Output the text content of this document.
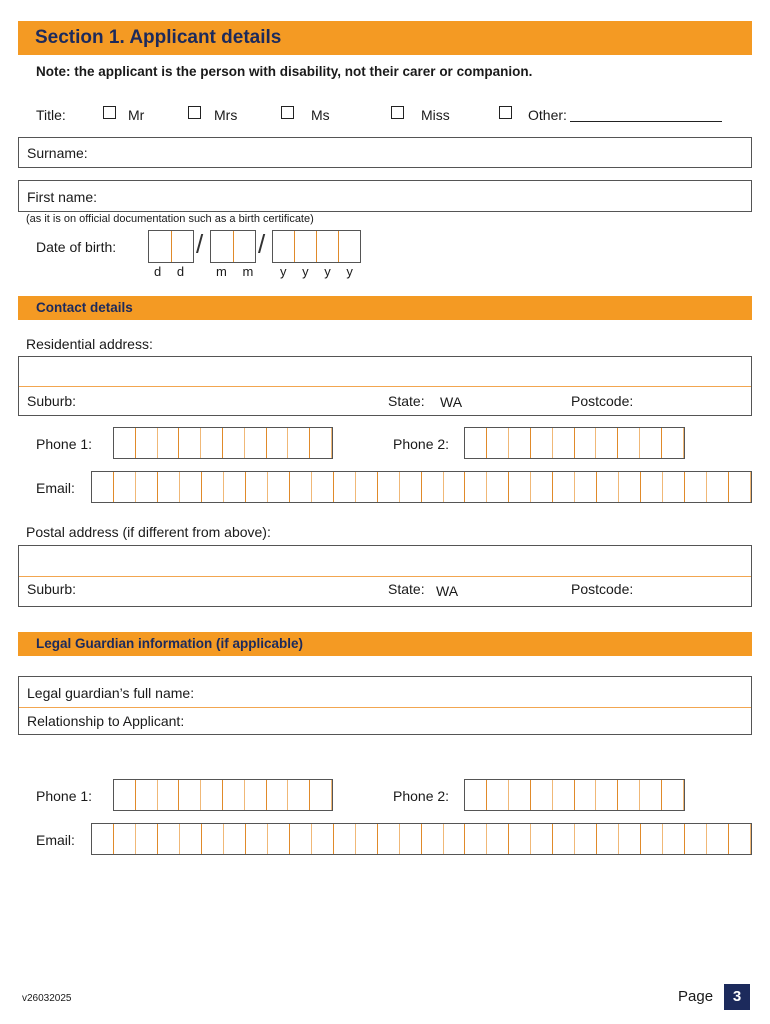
Section 1. Applicant details
Note: the applicant is the person with disability, not their carer or companion.
Title:	Mr	Mrs	Ms	Miss	Other:
Surname:
First name:
(as it is on official documentation such as a birth certificate)
Date of birth:	/ /
d d m m y y y y
Contact details
Residential address:
Suburb:	State: WA	Postcode:
Phone 1:	Phone 2:
Email:
Postal address (if different from above):
Suburb:	State: WA	Postcode:
Legal Guardian information (if applicable)
Legal guardian’s full name:
Relationship to Applicant:
Phone 1:	Phone 2:
Email:
v26032025	Page	3
